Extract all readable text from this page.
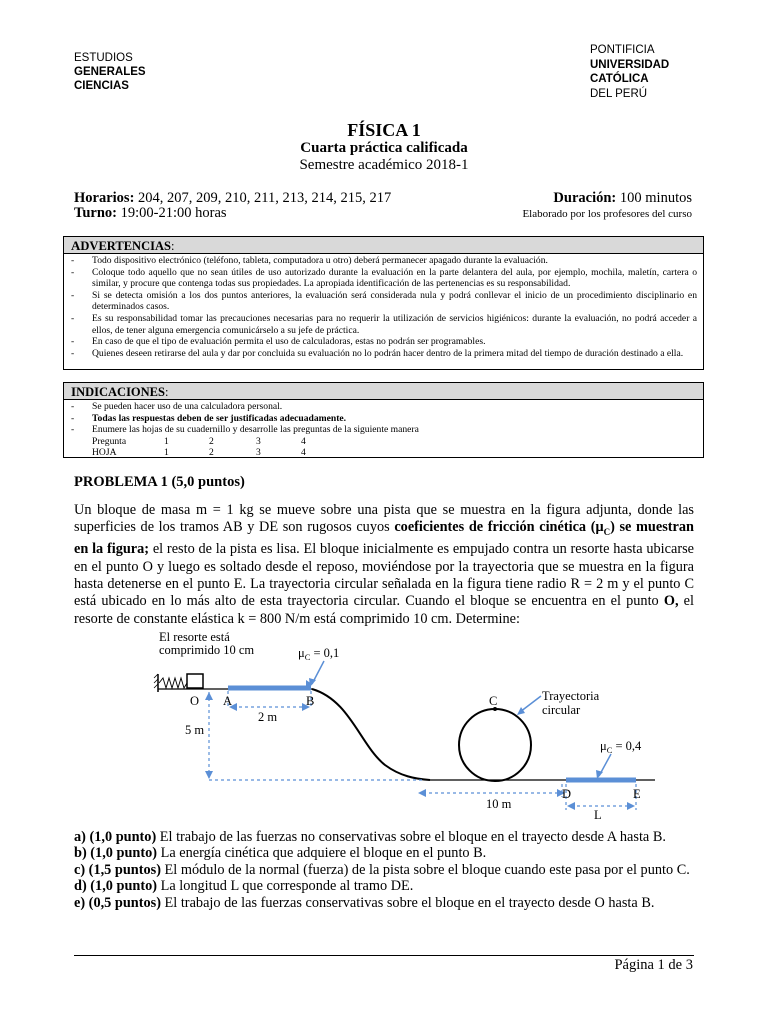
ESTUDIOS
GENERALES
CIENCIAS
PONTIFICIA
UNIVERSIDAD
CATÓLICA
DEL PERÚ
FÍSICA 1
Cuarta práctica calificada
Semestre académico 2018-1
Horarios: 204, 207, 209, 210, 211, 213, 214, 215, 217
Turno: 19:00-21:00 horas
Duración: 100 minutos
Elaborado por los profesores del curso
ADVERTENCIAS:
-	Todo dispositivo electrónico (teléfono, tableta, computadora u otro) deberá permanecer apagado durante la evaluación.
-	Coloque todo aquello que no sean útiles de uso autorizado durante la evaluación en la parte delantera del aula, por ejemplo, mochila, maletín, cartera o similar, y procure que contenga todas sus propiedades. La apropiada identificación de las pertenencias es su responsabilidad.
-	Si se detecta omisión a los dos puntos anteriores, la evaluación será considerada nula y podrá conllevar el inicio de un procedimiento disciplinario en determinados casos.
-	Es su responsabilidad tomar las precauciones necesarias para no requerir la utilización de servicios higiénicos: durante la evaluación, no podrá acceder a ellos, de tener alguna emergencia comunicárselo a su jefe de práctica.
-	En caso de que el tipo de evaluación permita el uso de calculadoras, estas no podrán ser programables.
-	Quienes deseen retirarse del aula y dar por concluida su evaluación no lo podrán hacer dentro de la primera mitad del tiempo de duración destinado a ella.
INDICACIONES:
-	Se pueden hacer uso de una calculadora personal.
-	Todas las respuestas deben de ser justificadas adecuadamente.
-	Enumere las hojas de su cuadernillo y desarrolle las preguntas de la siguiente manera
Pregunta	1	2	3	4
HOJA	1	2	3	4
PROBLEMA 1 (5,0 puntos)
Un bloque de masa m = 1 kg se mueve sobre una pista que se muestra en la figura adjunta, donde las superficies de los tramos AB y DE son rugosos cuyos coeficientes de fricción cinética $(\mu_C)$ se muestran en la figura; el resto de la pista es lisa. El bloque inicialmente es empujado contra un resorte hasta ubicarse en el punto O y luego es soltado desde el reposo, moviéndose por la trayectoria que se muestra en la figura hasta detenerse en el punto E. La trayectoria circular señalada en la figura tiene radio R = 2 m y el punto C está ubicado en lo más alto de esta trayectoria circular. Cuando el bloque se encuentra en el punto O, el resorte de constante elástica k = 800 N/m está comprimido 10 cm. Determine:
El resorte está
comprimido 10 cm	$\mu_C = 0,1$
O A	B
2 m
5 m
C	Trayectoria
circular
$\mu_C = 0,4$
D	E
10 m
L
a) (1,0 punto) El trabajo de las fuerzas no conservativas sobre el bloque en el trayecto desde A hasta B.
b) (1,0 punto) La energía cinética que adquiere el bloque en el punto B.
c) (1,5 puntos) El módulo de la normal (fuerza) de la pista sobre el bloque cuando este pasa por el punto C.
d) (1,0 punto) La longitud L que corresponde al tramo DE.
e) (0,5 puntos) El trabajo de las fuerzas conservativas sobre el bloque en el trayecto desde O hasta B.
Página 1 de 3
